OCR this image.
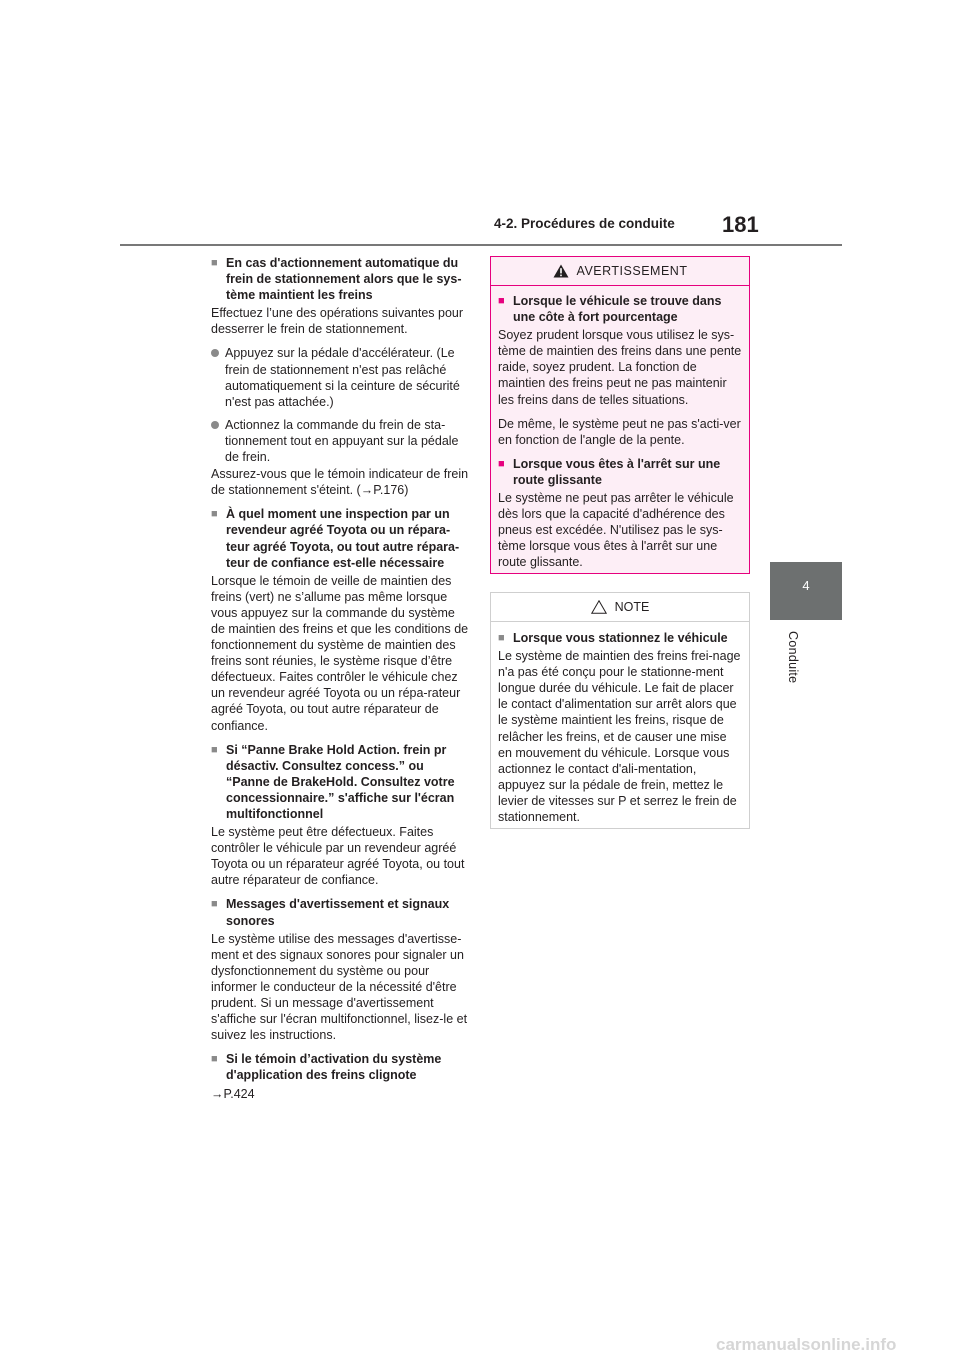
4-2. Procédures de conduite 181
4
Conduite
■ En cas d'actionnement automatique du frein de stationnement alors que le sys-tème maintient les freins
Effectuez l’une des opérations suivantes pour desserrer le frein de stationnement.
Appuyez sur la pédale d'accélérateur. (Le frein de stationnement n'est pas relâché automatiquement si la ceinture de sécurité n'est pas attachée.)
Actionnez la commande du frein de sta-tionnement tout en appuyant sur la pédale de frein.
Assurez-vous que le témoin indicateur de frein de stationnement s'éteint. (→P.176)
■ À quel moment une inspection par un revendeur agréé Toyota ou un répara-teur agréé Toyota, ou tout autre répara-teur de confiance est-elle nécessaire
Lorsque le témoin de veille de maintien des freins (vert) ne s’allume pas même lorsque vous appuyez sur la commande du système de maintien des freins et que les conditions de fonctionnement du système de maintien des freins sont réunies, le système risque d’être défectueux. Faites contrôler le véhicule chez un revendeur agréé Toyota ou un répa-rateur agréé Toyota, ou tout autre réparateur de confiance.
■ Si “Panne Brake Hold Action. frein pr désactiv. Consultez concess.” ou “Panne de BrakeHold. Consultez votre concessionnaire.” s'affiche sur l'écran multifonctionnel
Le système peut être défectueux. Faites contrôler le véhicule par un revendeur agréé Toyota ou un réparateur agréé Toyota, ou tout autre réparateur de confiance.
■ Messages d'avertissement et signaux sonores
Le système utilise des messages d'avertisse-ment et des signaux sonores pour signaler un dysfonctionnement du système ou pour informer le conducteur de la nécessité d'être prudent. Si un message d'avertissement s'affiche sur l'écran multifonctionnel, lisez-le et suivez les instructions.
■ Si le témoin d’activation du système d'application des freins clignote
→P.424
AVERTISSEMENT
■ Lorsque le véhicule se trouve dans une côte à fort pourcentage
Soyez prudent lorsque vous utilisez le sys-tème de maintien des freins dans une pente raide, soyez prudent. La fonction de maintien des freins peut ne pas maintenir les freins dans de telles situations.
De même, le système peut ne pas s'acti-ver en fonction de l'angle de la pente.
■ Lorsque vous êtes à l'arrêt sur une route glissante
Le système ne peut pas arrêter le véhicule dès lors que la capacité d'adhérence des pneus est excédée. N'utilisez pas le sys-tème lorsque vous êtes à l'arrêt sur une route glissante.
NOTE
■ Lorsque vous stationnez le véhicule
Le système de maintien des freins frei-nage n'a pas été conçu pour le stationne-ment longue durée du véhicule. Le fait de placer le contact d'alimentation sur arrêt alors que le système maintient les freins, risque de relâcher les freins, et de causer une mise en mouvement du véhicule. Lorsque vous actionnez le contact d'ali-mentation, appuyez sur la pédale de frein, mettez le levier de vitesses sur P et serrez le frein de stationnement.
carmanualsonline.info
